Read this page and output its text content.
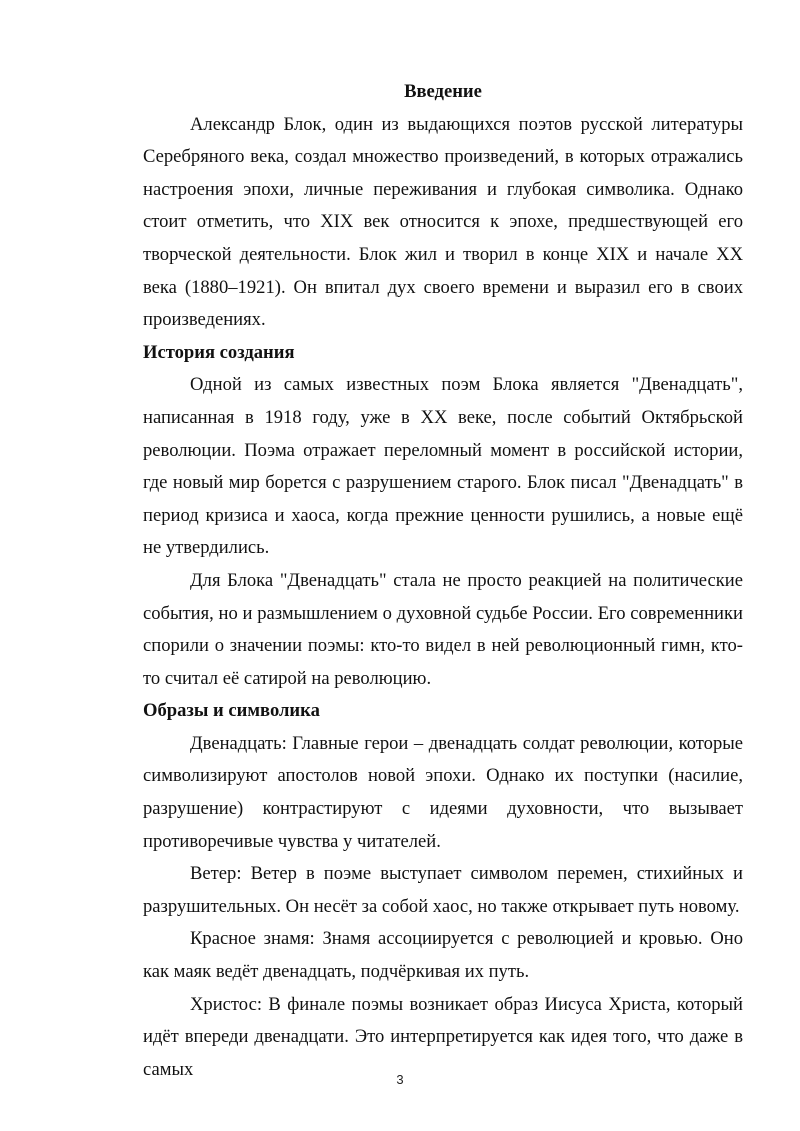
Введение

Александр Блок, один из выдающихся поэтов русской литературы Серебряного века, создал множество произведений, в которых отражались настроения эпохи, личные переживания и глубокая символика. Однако стоит отметить, что XIX век относится к эпохе, предшествующей его творческой деятельности. Блок жил и творил в конце XIX и начале XX века (1880–1921). Он впитал дух своего времени и выразил его в своих произведениях.

История создания

Одной из самых известных поэм Блока является "Двенадцать", написанная в 1918 году, уже в XX веке, после событий Октябрьской революции. Поэма отражает переломный момент в российской истории, где новый мир борется с разрушением старого. Блок писал "Двенадцать" в период кризиса и хаоса, когда прежние ценности рушились, а новые ещё не утвердились.

Для Блока "Двенадцать" стала не просто реакцией на политические события, но и размышлением о духовной судьбе России. Его современники спорили о значении поэмы: кто-то видел в ней революционный гимн, кто-то считал её сатирой на революцию.

Образы и символика

Двенадцать: Главные герои – двенадцать солдат революции, которые символизируют апостолов новой эпохи. Однако их поступки (насилие, разрушение) контрастируют с идеями духовности, что вызывает противоречивые чувства у читателей.

Ветер: Ветер в поэме выступает символом перемен, стихийных и разрушительных. Он несёт за собой хаос, но также открывает путь новому.

Красное знамя: Знамя ассоциируется с революцией и кровью. Оно как маяк ведёт двенадцать, подчёркивая их путь.

Христос: В финале поэмы возникает образ Иисуса Христа, который идёт впереди двенадцати. Это интерпретируется как идея того, что даже в самых	3
